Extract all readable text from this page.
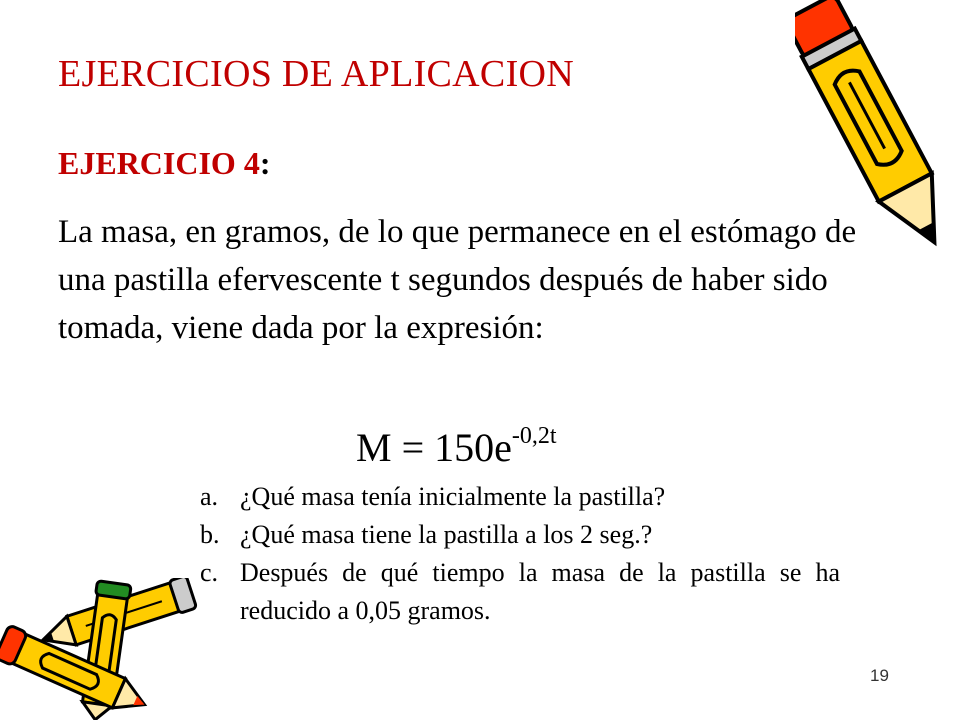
EJERCICIOS DE APLICACION
EJERCICIO 4:
La masa, en gramos, de lo que permanece en el estómago de una pastilla efervescente t segundos después de haber sido tomada, viene dada por la expresión:
$M = 150e^{-0,2t}$
a. ¿Qué masa tenía inicialmente la pastilla?
b. ¿Qué masa tiene la pastilla a los 2 seg.?
c. Después de qué tiempo la masa de la pastilla se ha reducido a 0,05 gramos.
19
